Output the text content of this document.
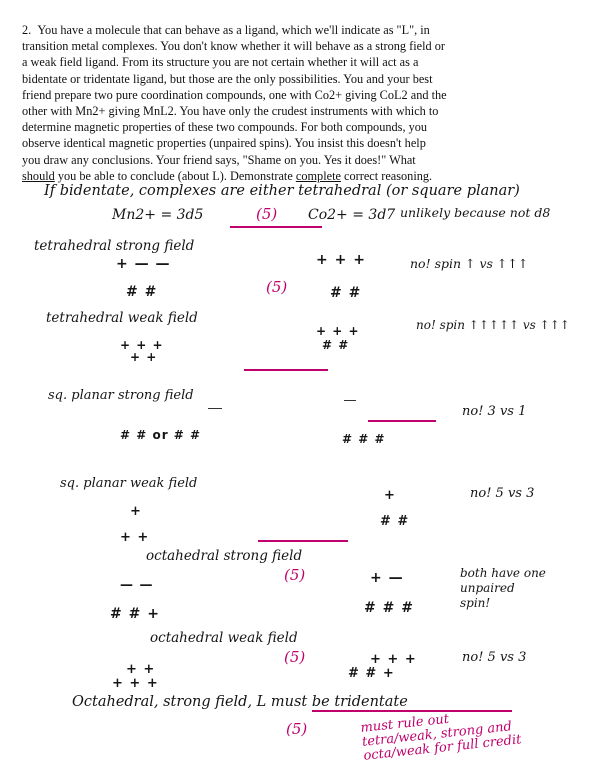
2. You have a molecule that can behave as a ligand, which we'll indicate as "L", in

transition metal complexes. You don't know whether it will behave as a strong field or

a weak field ligand. From its structure you are not certain whether it will act as a

bidentate or tridentate ligand, but those are the only possibilities. You and your best

friend prepare two pure coordination compounds, one with Co2+ giving CoL2 and the

other with Mn2+ giving MnL2. You have only the crudest instruments with which to

determine magnetic properties of these two compounds. For both compounds, you

observe identical magnetic properties (unpaired spins). You insist this doesn't help

you draw any conclusions. Your friend says, "Shame on you. Yes it does!" What

should you be able to conclude (about L). Demonstrate complete correct reasoning.

If bidentate, complexes are either tetrahedral (or square planar)
Mn2+ = 3d5	(5) Co2+ = 3d7 unlikely because not d8
tetrahedral strong field
+ — —	+ + +	no! spin ↑ vs ↑↑↑
(5)
# #	# #
tetrahedral weak field
+ + +	no! spin ↑↑↑↑↑ vs ↑↑↑
+ + +	# #
+ +
sq. planar strong field
no! 3 vs 1
# # or # #	# # #
sq. planar weak field
+	no! 5 vs 3
+
# #
+ +
octahedral strong field
(5)	both have one unpaired spin!
— —	+ —
# # +	# # #
octahedral weak field
(5)	+ + +	no! 5 vs 3
+ +	# # +
+ + +
Octahedral, strong field, L must be tridentate
(5)	must rule out
tetra/weak, strong and
octa/weak for full credit
